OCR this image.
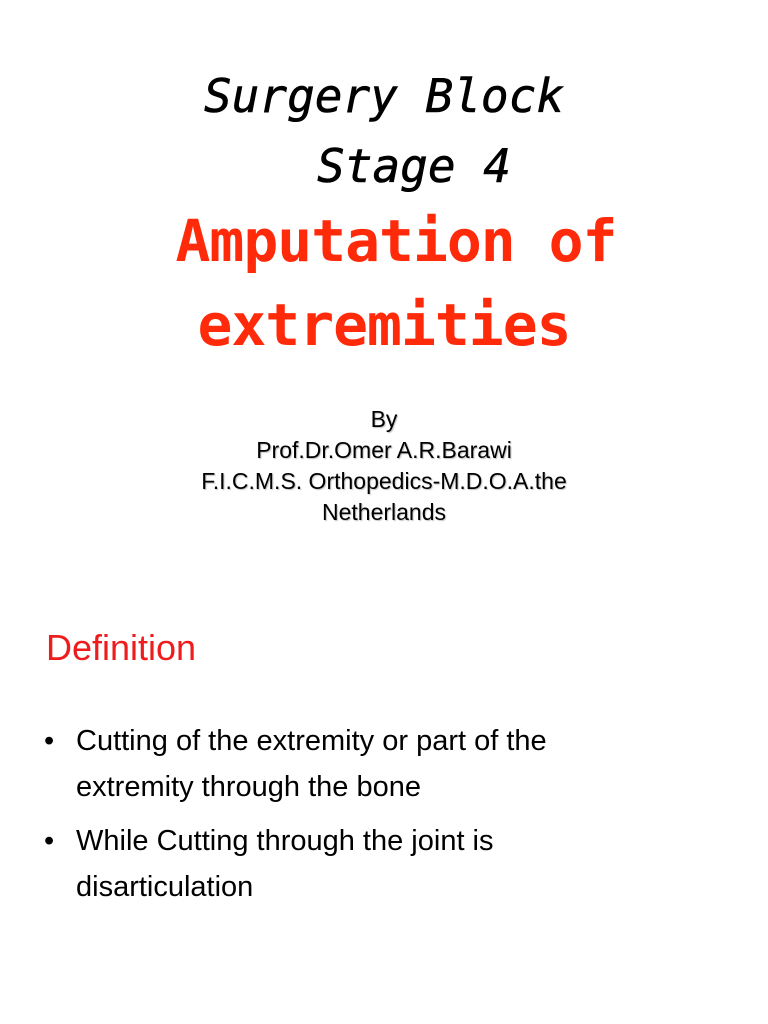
Surgery Block
Stage 4
Amputation of
extremities
By
Prof.Dr.Omer A.R.Barawi
F.I.C.M.S. Orthopedics-M.D.O.A.the
Netherlands
Definition
• Cutting of the extremity or part of the
extremity through the bone
• While Cutting through the joint is
disarticulation
